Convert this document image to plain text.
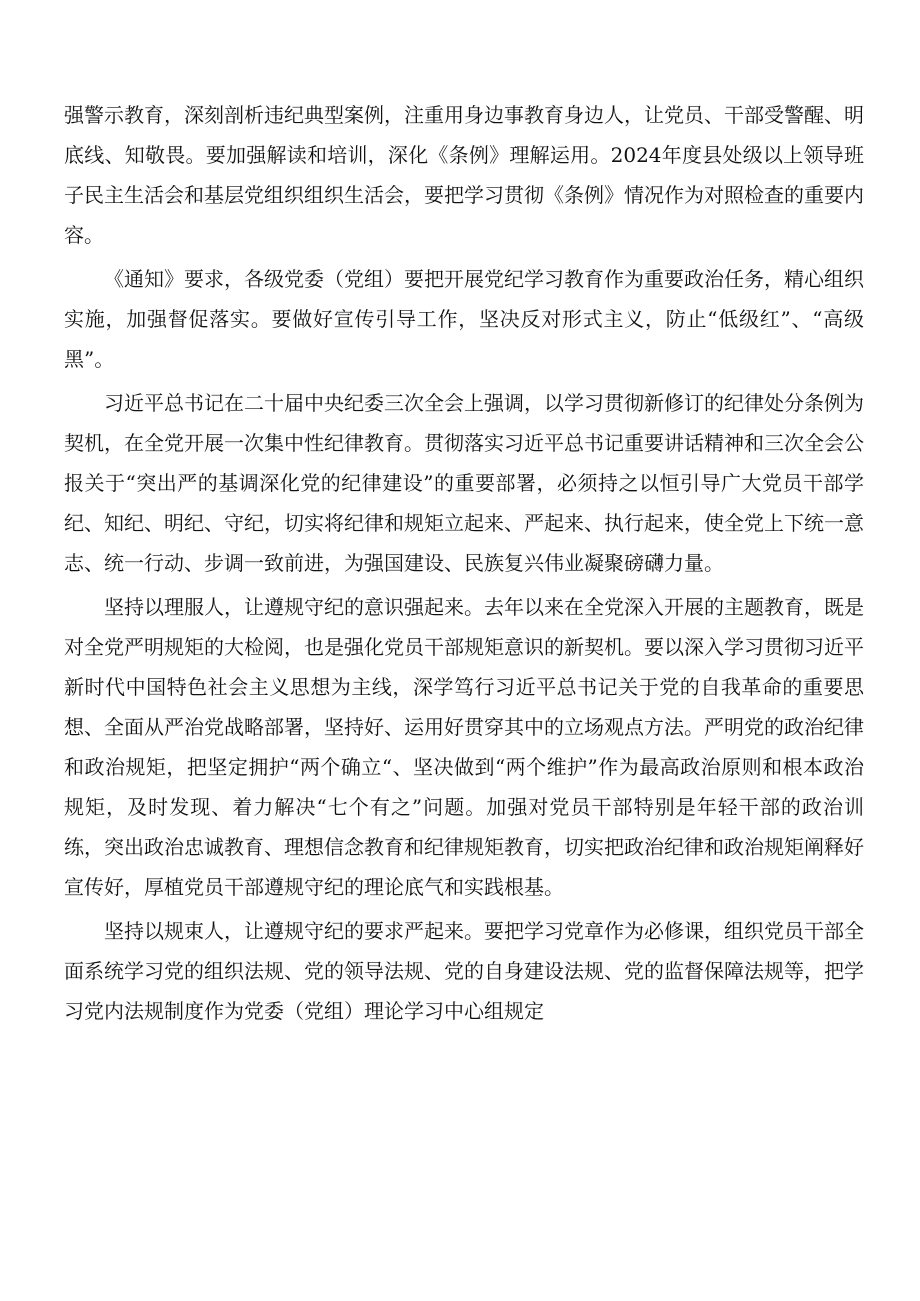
强警示教育，深刻剖析违纪典型案例，注重用身边事教育身边人，让党员、干部受警醒、明底线、知敬畏。要加强解读和培训，深化《条例》理解运用。2024年度县处级以上领导班子民主生活会和基层党组织组织生活会，要把学习贯彻《条例》情况作为对照检查的重要内容。

《通知》要求，各级党委（党组）要把开展党纪学习教育作为重要政治任务，精心组织实施，加强督促落实。要做好宣传引导工作，坚决反对形式主义，防止“低级红”、“高级黑”。

习近平总书记在二十届中央纪委三次全会上强调，以学习贯彻新修订的纪律处分条例为契机，在全党开展一次集中性纪律教育。贯彻落实习近平总书记重要讲话精神和三次全会公报关于“突出严的基调深化党的纪律建设”的重要部署，必须持之以恒引导广大党员干部学纪、知纪、明纪、守纪，切实将纪律和规矩立起来、严起来、执行起来，使全党上下统一意志、统一行动、步调一致前进，为强国建设、民族复兴伟业凝聚磅礴力量。

坚持以理服人，让遵规守纪的意识强起来。去年以来在全党深入开展的主题教育，既是对全党严明规矩的大检阅，也是强化党员干部规矩意识的新契机。要以深入学习贯彻习近平新时代中国特色社会主义思想为主线，深学笃行习近平总书记关于党的自我革命的重要思想、全面从严治党战略部署，坚持好、运用好贯穿其中的立场观点方法。严明党的政治纪律和政治规矩，把坚定拥护“两个确立“、坚决做到“两个维护”作为最高政治原则和根本政治规矩，及时发现、着力解决“七个有之”问题。加强对党员干部特别是年轻干部的政治训练，突出政治忠诚教育、理想信念教育和纪律规矩教育，切实把政治纪律和政治规矩阐释好宣传好，厚植党员干部遵规守纪的理论底气和实践根基。

坚持以规束人，让遵规守纪的要求严起来。要把学习党章作为必修课，组织党员干部全面系统学习党的组织法规、党的领导法规、党的自身建设法规、党的监督保障法规等，把学习党内法规制度作为党委（党组）理论学习中心组规定
